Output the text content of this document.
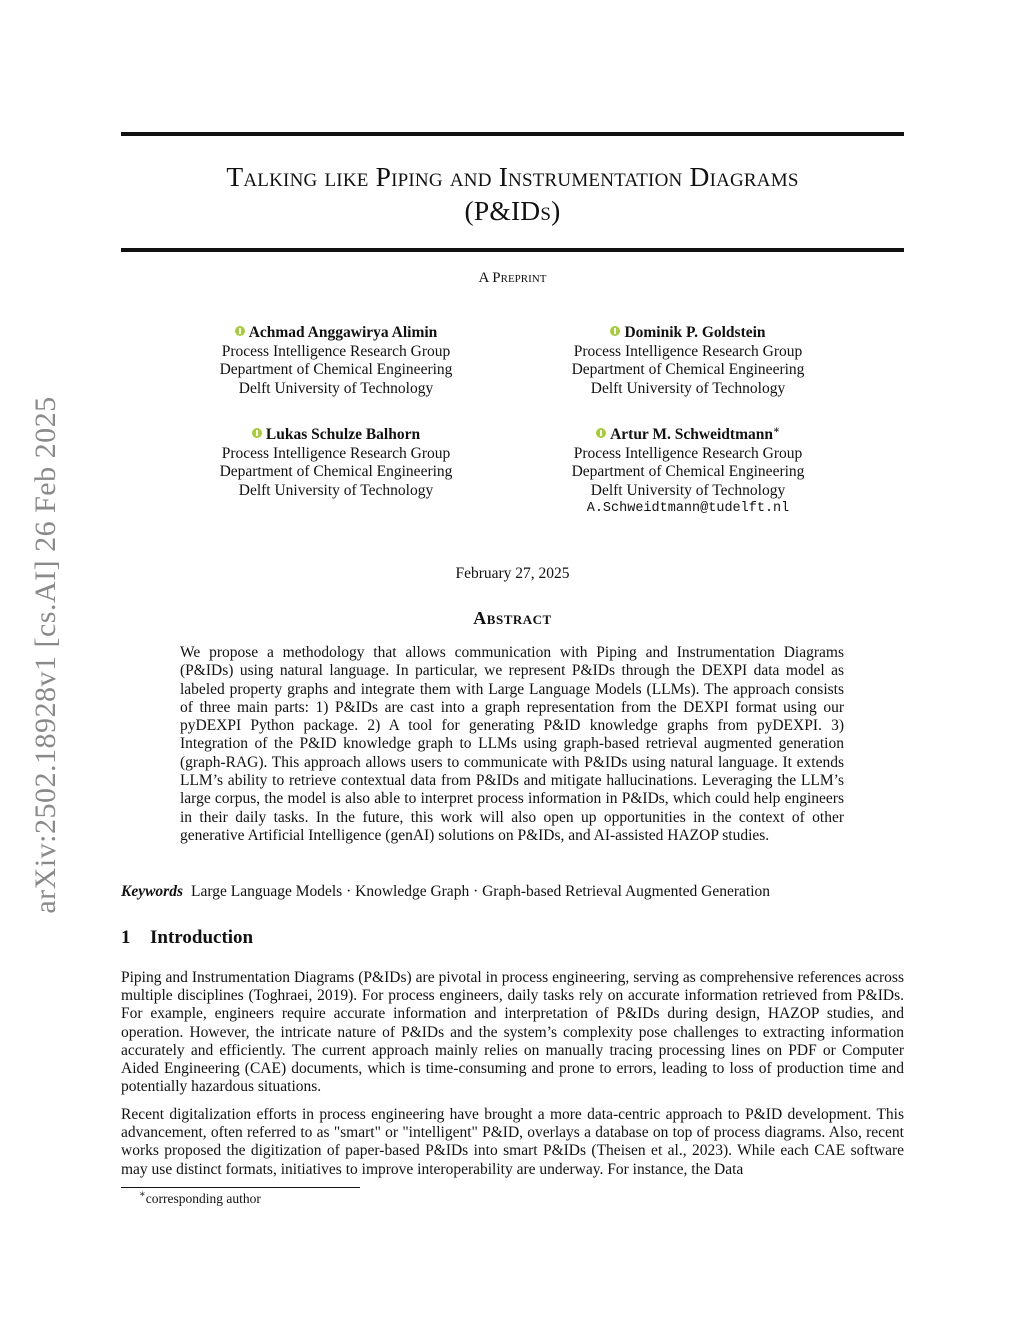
arXiv:2502.18928v1 [cs.AI] 26 Feb 2025
Talking like Piping and Instrumentation Diagrams
(P&IDs)
A Preprint
Achmad Anggawirya Alimin
Process Intelligence Research Group
Department of Chemical Engineering
Delft University of Technology
Dominik P. Goldstein
Process Intelligence Research Group
Department of Chemical Engineering
Delft University of Technology
Lukas Schulze Balhorn
Process Intelligence Research Group
Department of Chemical Engineering
Delft University of Technology
Artur M. Schweidtmann∗
Process Intelligence Research Group
Department of Chemical Engineering
Delft University of Technology
A.Schweidtmann@tudelft.nl
February 27, 2025
Abstract

We propose a methodology that allows communication with Piping and Instrumentation Diagrams (P&IDs) using natural language. In particular, we represent P&IDs through the DEXPI data model as labeled property graphs and integrate them with Large Language Models (LLMs). The approach consists of three main parts: 1) P&IDs are cast into a graph representation from the DEXPI format using our pyDEXPI Python package. 2) A tool for generating P&ID knowledge graphs from pyDEXPI. 3) Integration of the P&ID knowledge graph to LLMs using graph-based retrieval augmented generation (graph-RAG). This approach allows users to communicate with P&IDs using natural language. It extends LLM’s ability to retrieve contextual data from P&IDs and mitigate hallucinations. Leveraging the LLM’s large corpus, the model is also able to interpret process information in P&IDs, which could help engineers in their daily tasks. In the future, this work will also open up opportunities in the context of other generative Artificial Intelligence (genAI) solutions on P&IDs, and AI-assisted HAZOP studies.

Keywords Large Language Models · Knowledge Graph · Graph-based Retrieval Augmented Generation
1 Introduction

Piping and Instrumentation Diagrams (P&IDs) are pivotal in process engineering, serving as comprehensive references across multiple disciplines (Toghraei, 2019). For process engineers, daily tasks rely on accurate information retrieved from P&IDs. For example, engineers require accurate information and interpretation of P&IDs during design, HAZOP studies, and operation. However, the intricate nature of P&IDs and the system’s complexity pose challenges to extracting information accurately and efficiently. The current approach mainly relies on manually tracing processing lines on PDF or Computer Aided Engineering (CAE) documents, which is time-consuming and prone to errors, leading to loss of production time and potentially hazardous situations.

Recent digitalization efforts in process engineering have brought a more data-centric approach to P&ID development. This advancement, often referred to as "smart" or "intelligent" P&ID, overlays a database on top of process diagrams. Also, recent works proposed the digitization of paper-based P&IDs into smart P&IDs (Theisen et al., 2023). While each CAE software may use distinct formats, initiatives to improve interoperability are underway. For instance, the Data

∗corresponding author
